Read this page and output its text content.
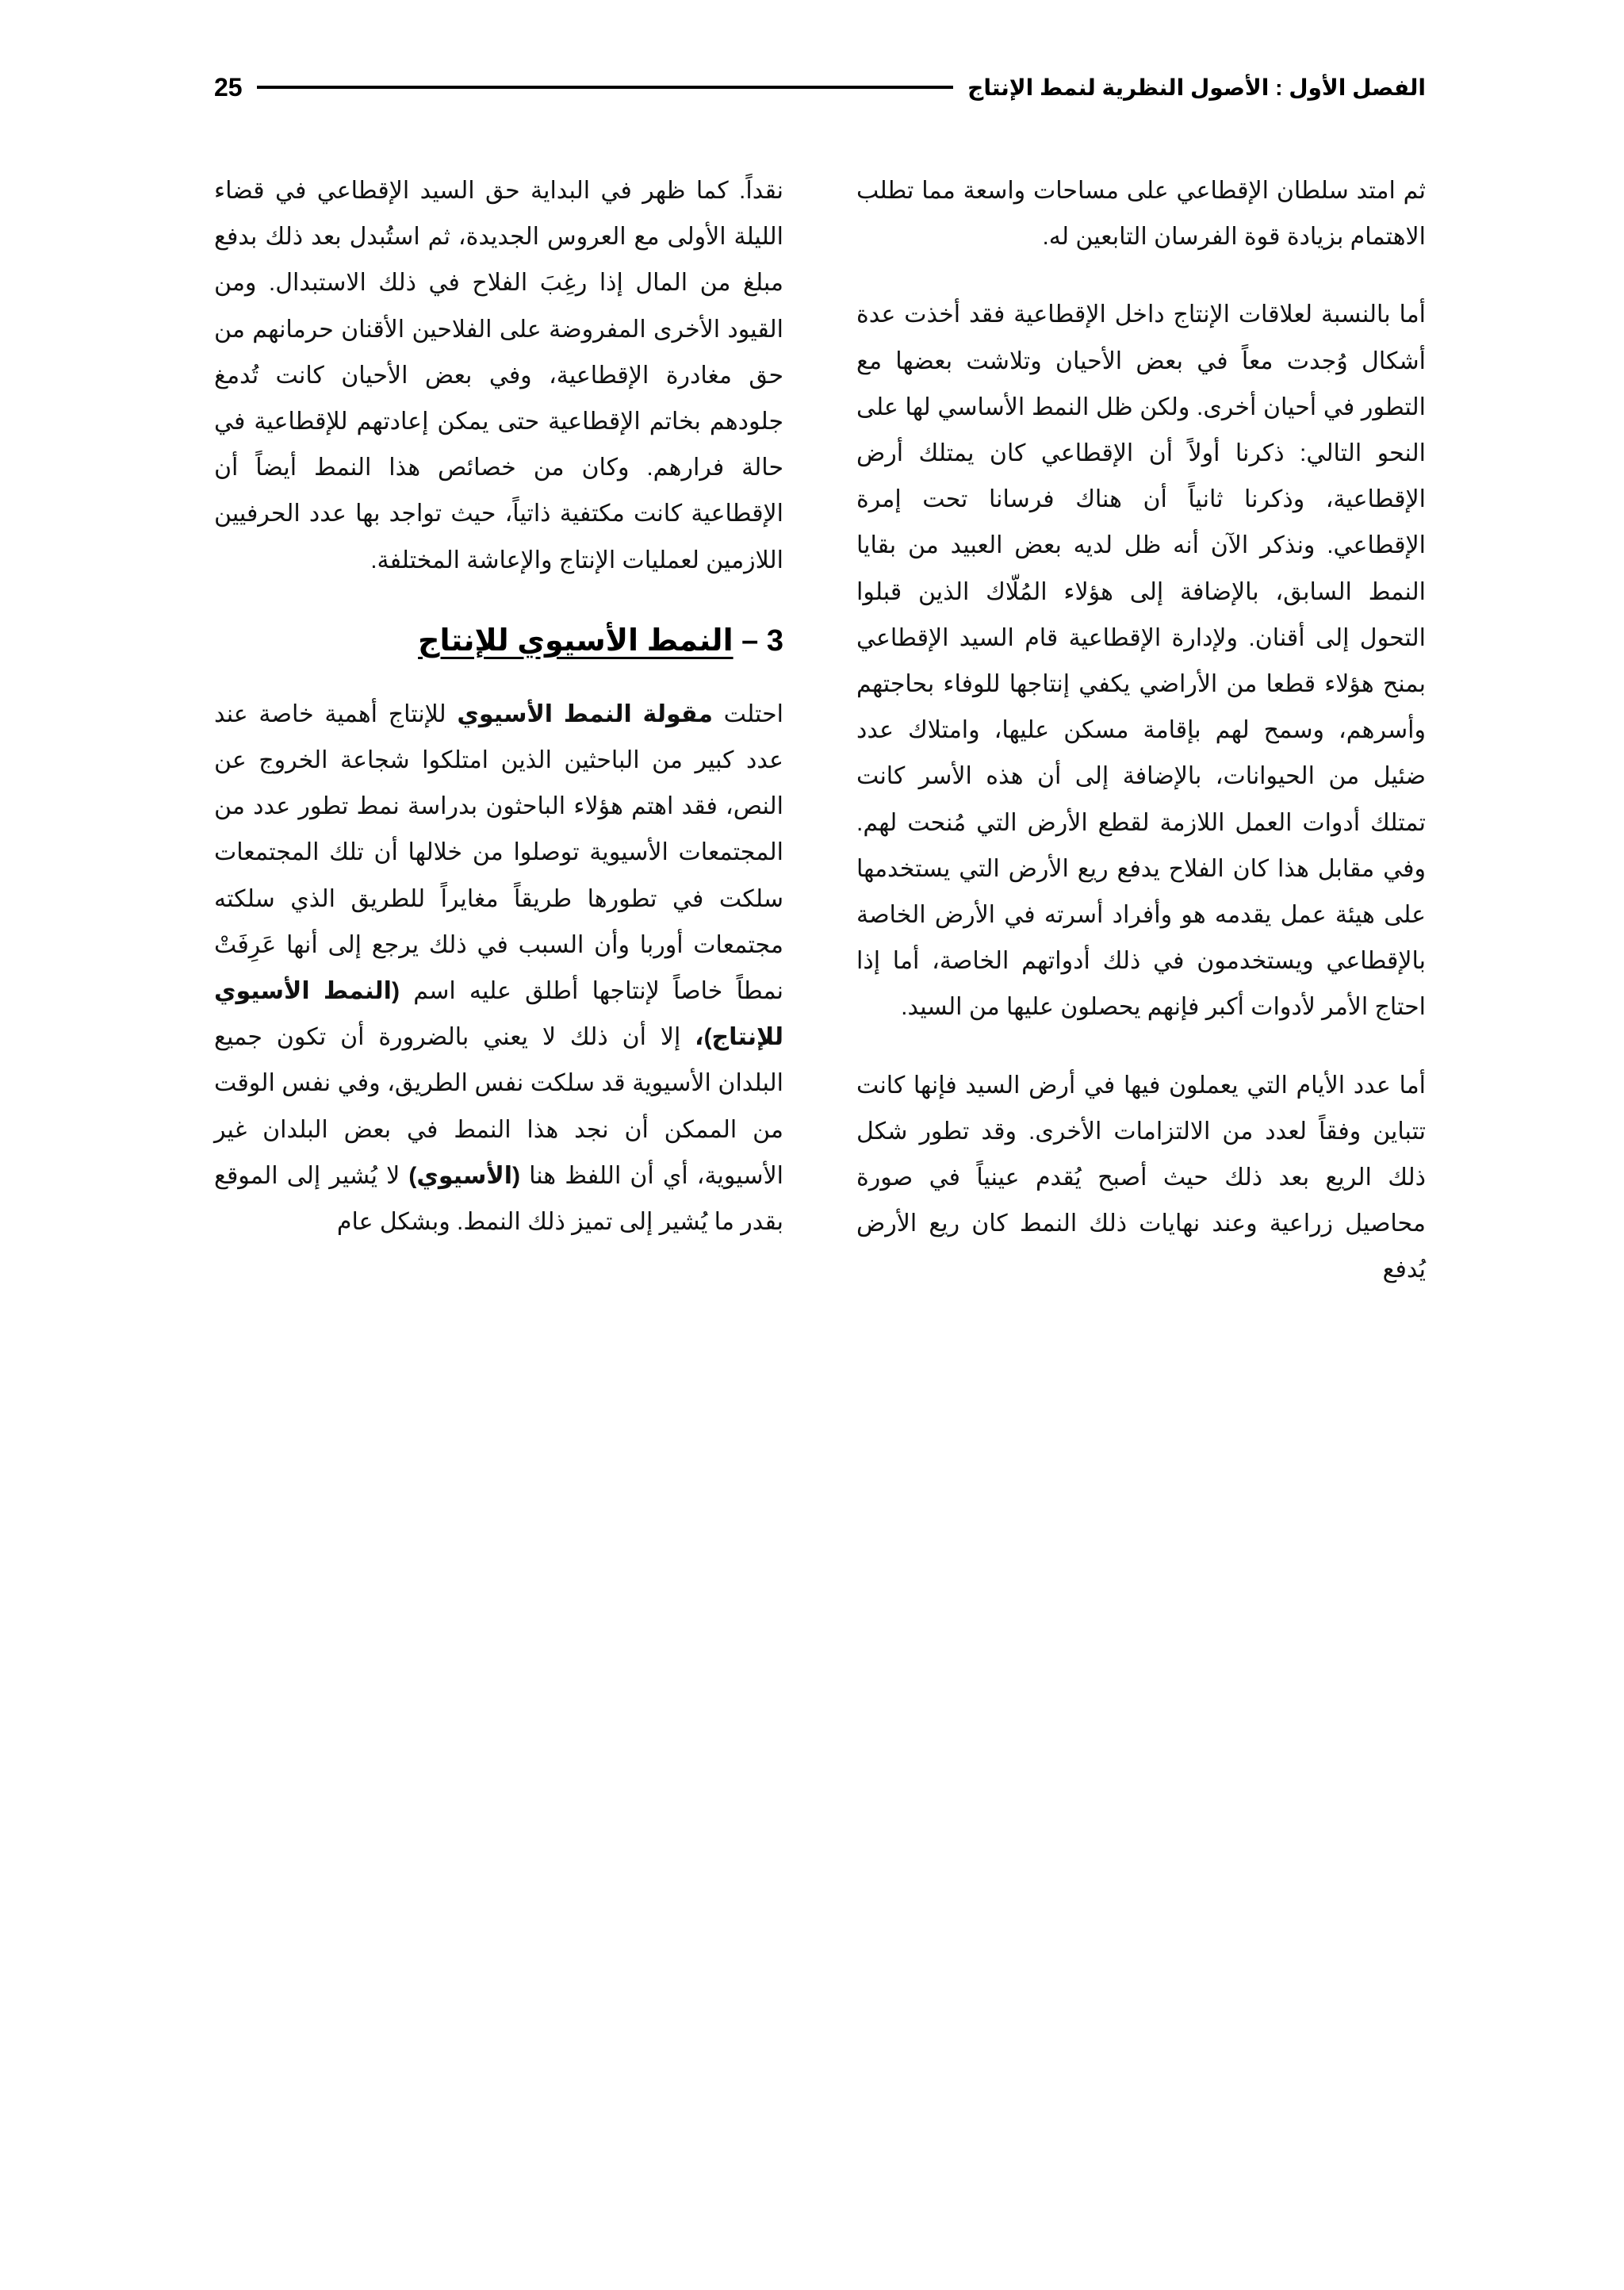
الفصل الأول : الأصول النظرية لنمط الإنتاج
25

ثم امتد سلطان الإقطاعي على مساحات واسعة مما تطلب الاهتمام بزيادة قوة الفرسان التابعين له.

أما بالنسبة لعلاقات الإنتاج داخل الإقطاعية فقد أخذت عدة أشكال وُجدت معاً في بعض الأحيان وتلاشت بعضها مع التطور في أحيان أخرى. ولكن ظل النمط الأساسي لها على النحو التالي: ذكرنا أولاً أن الإقطاعي كان يمتلك أرض الإقطاعية، وذكرنا ثانياً أن هناك فرسانا تحت إمرة الإقطاعي. ونذكر الآن أنه ظل لديه بعض العبيد من بقايا النمط السابق، بالإضافة إلى هؤلاء المُلّاك الذين قبلوا التحول إلى أقنان. ولإدارة الإقطاعية قام السيد الإقطاعي بمنح هؤلاء قطعا من الأراضي يكفي إنتاجها للوفاء بحاجتهم وأسرهم، وسمح لهم بإقامة مسكن عليها، وامتلاك عدد ضئيل من الحيوانات، بالإضافة إلى أن هذه الأسر كانت تمتلك أدوات العمل اللازمة لقطع الأرض التي مُنحت لهم. وفي مقابل هذا كان الفلاح يدفع ريع الأرض التي يستخدمها على هيئة عمل يقدمه هو وأفراد أسرته في الأرض الخاصة بالإقطاعي ويستخدمون في ذلك أدواتهم الخاصة، أما إذا احتاج الأمر لأدوات أكبر فإنهم يحصلون عليها من السيد.

أما عدد الأيام التي يعملون فيها في أرض السيد فإنها كانت تتباين وفقاً لعدد من الالتزامات الأخرى. وقد تطور شكل ذلك الريع بعد ذلك حيث أصبح يُقدم عينياً في صورة محاصيل زراعية وعند نهايات ذلك النمط كان ريع الأرض يُدفع

نقداً. كما ظهر في البداية حق السيد الإقطاعي في قضاء الليلة الأولى مع العروس الجديدة، ثم استُبدل بعد ذلك بدفع مبلغ من المال إذا رغِبَ الفلاح في ذلك الاستبدال. ومن القيود الأخرى المفروضة على الفلاحين الأقنان حرمانهم من حق مغادرة الإقطاعية، وفي بعض الأحيان كانت تُدمغ جلودهم بخاتم الإقطاعية حتى يمكن إعادتهم للإقطاعية في حالة فرارهم. وكان من خصائص هذا النمط أيضاً أن الإقطاعية كانت مكتفية ذاتياً، حيث تواجد بها عدد الحرفيين اللازمين لعمليات الإنتاج والإعاشة المختلفة.

3 – النمط الأسيوي للإنتاج

احتلت مقولة النمط الأسيوي للإنتاج أهمية خاصة عند عدد كبير من الباحثين الذين امتلكوا شجاعة الخروج عن النص، فقد اهتم هؤلاء الباحثون بدراسة نمط تطور عدد من المجتمعات الأسيوية توصلوا من خلالها أن تلك المجتمعات سلكت في تطورها طريقاً مغايراً للطريق الذي سلكته مجتمعات أوربا وأن السبب في ذلك يرجع إلى أنها عَرِفَتْ نمطاً خاصاً لإنتاجها أطلق عليه اسم (النمط الأسيوي للإنتاج)، إلا أن ذلك لا يعني بالضرورة أن تكون جميع البلدان الأسيوية قد سلكت نفس الطريق، وفي نفس الوقت من الممكن أن نجد هذا النمط في بعض البلدان غير الأسيوية، أي أن اللفظ هنا (الأسيوي) لا يُشير إلى الموقع بقدر ما يُشير إلى تميز ذلك النمط. وبشكل عام
